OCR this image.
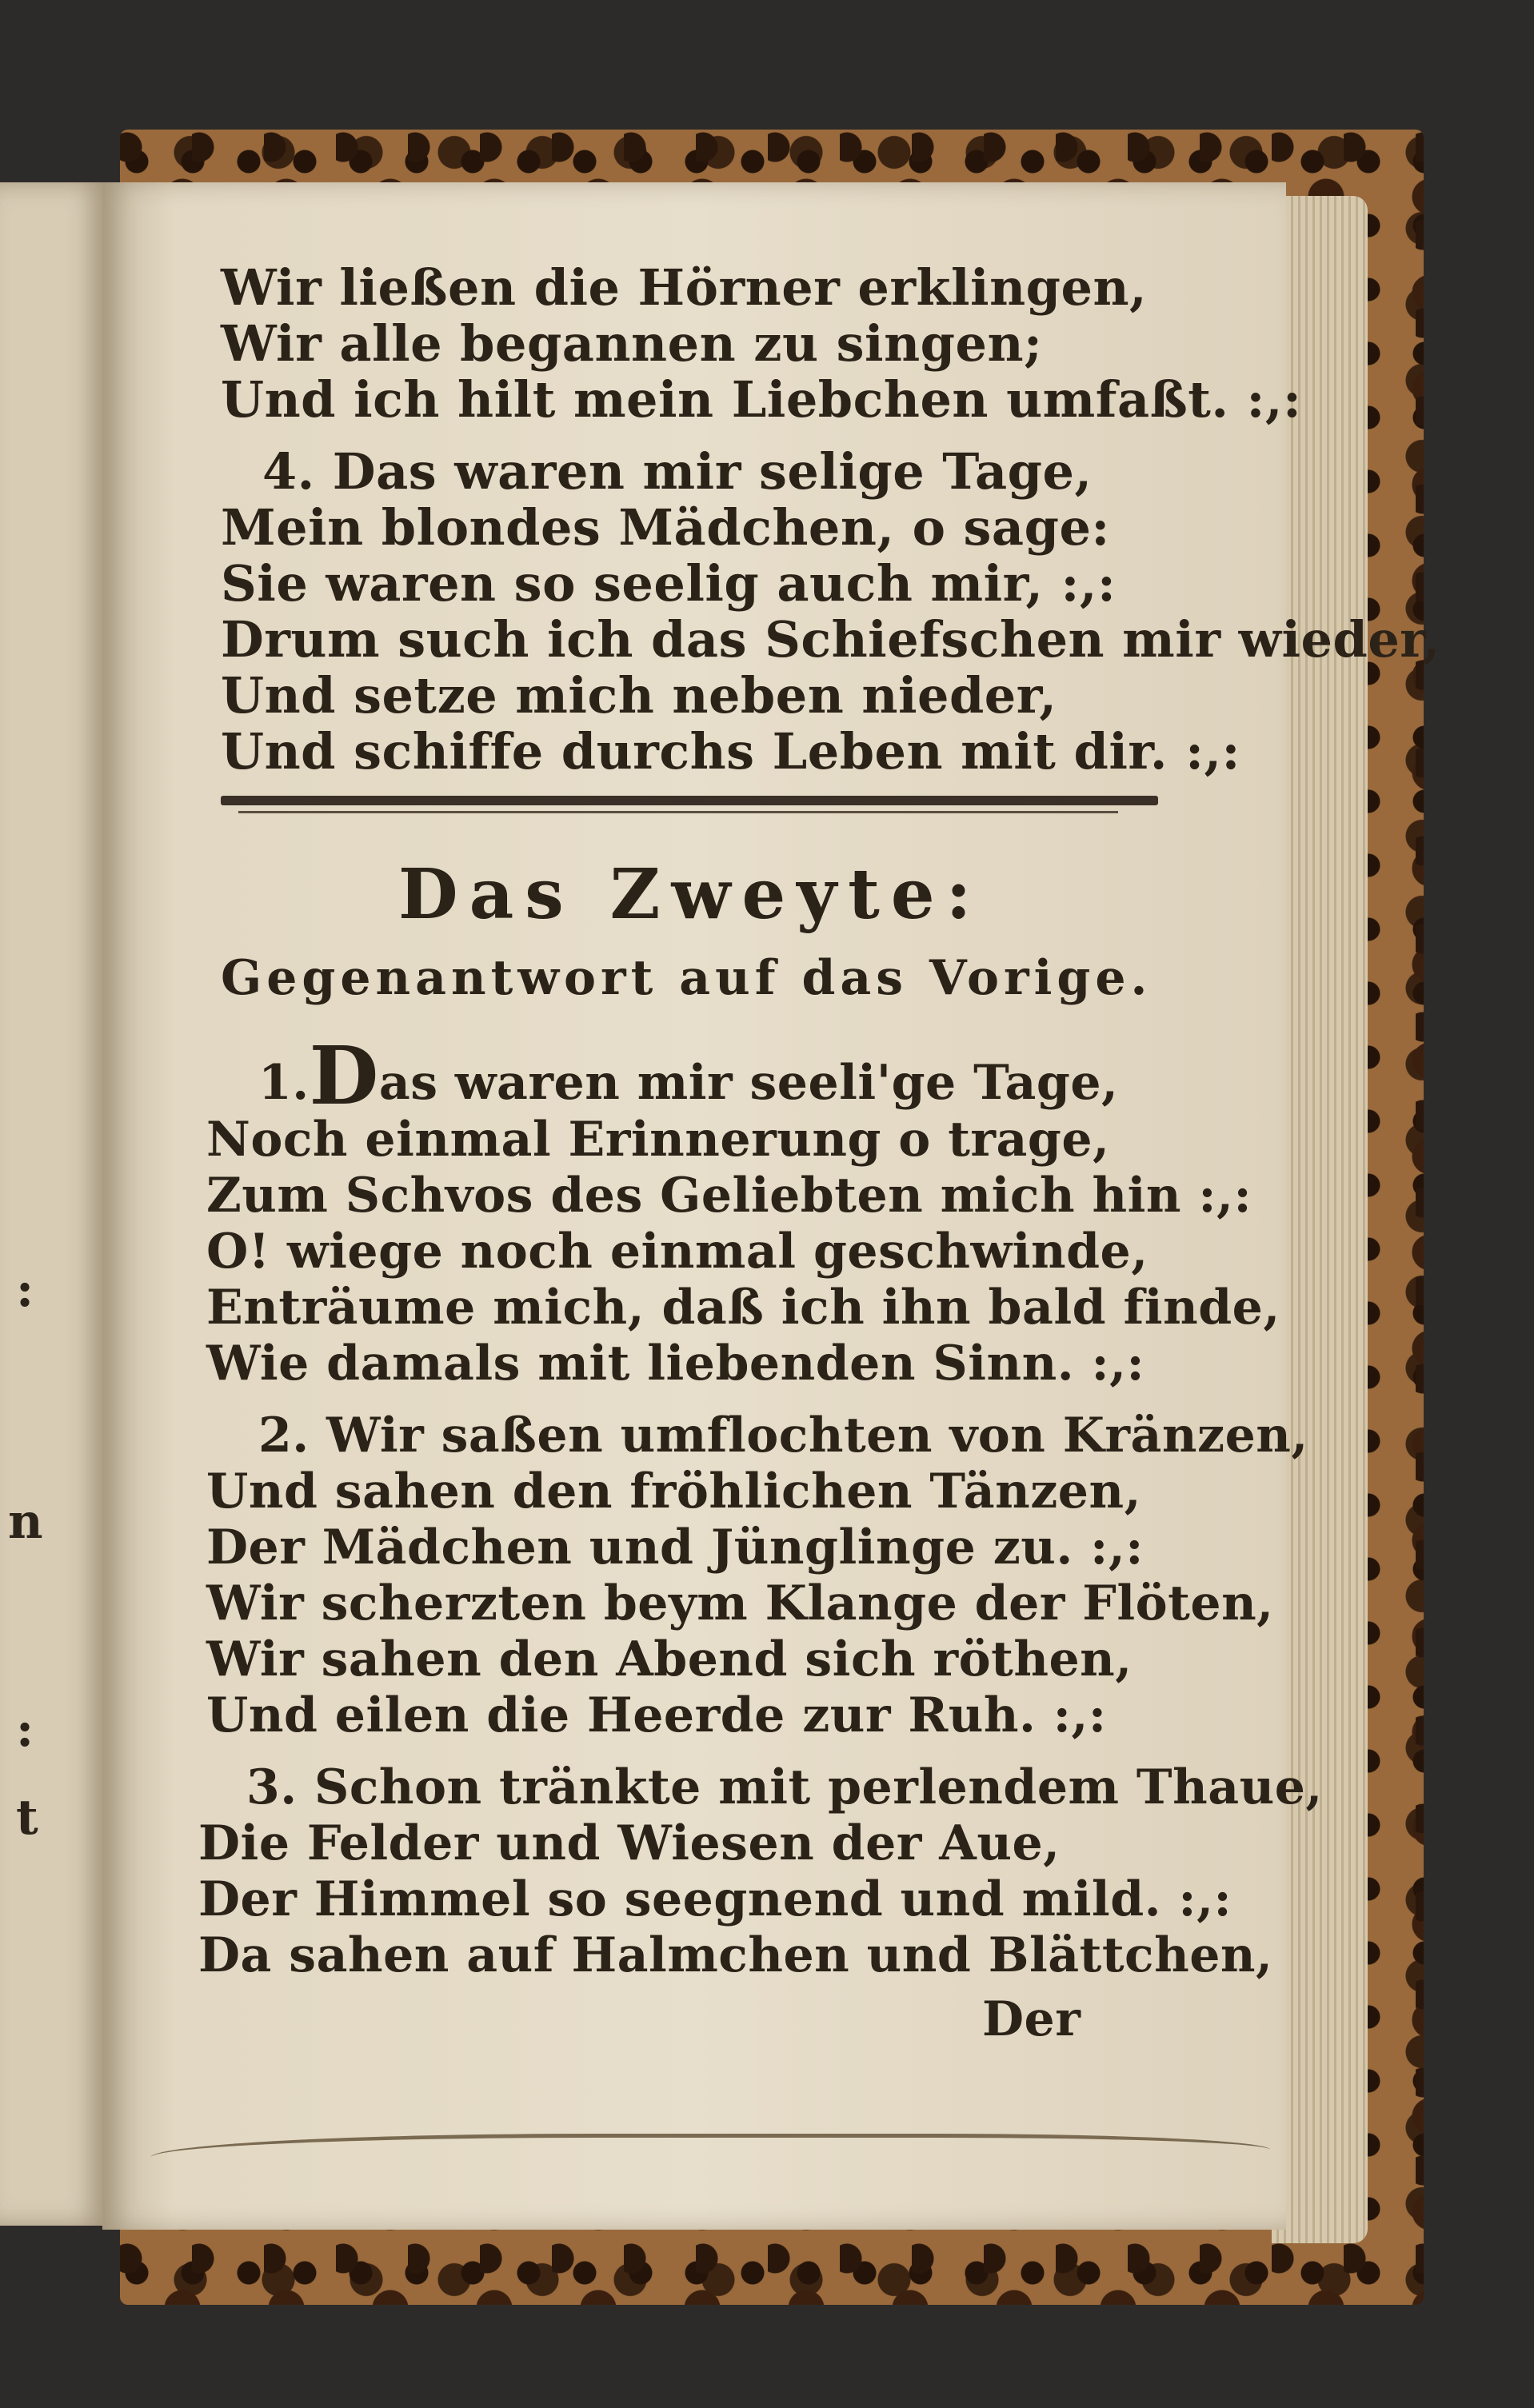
:
n
:
t
Wir ließen die Hörner erklingen,
Wir alle begannen zu singen;
Und ich hilt mein Liebchen umfaßt. :,:
4. Das waren mir selige Tage,
Mein blondes Mädchen, o sage:
Sie waren so seelig auch mir, :,:
Drum such ich das Schiefschen mir wieder,
Und setze mich neben nieder,
Und schiffe durchs Leben mit dir. :,:
Das Zweyte:
Gegenantwort auf das Vorige.
1.Das waren mir seeli'ge Tage,
Noch einmal Erinnerung o trage,
Zum Schvos des Geliebten mich hin :,:
O! wiege noch einmal geschwinde,
Enträume mich, daß ich ihn bald finde,
Wie damals mit liebenden Sinn. :,:
2. Wir saßen umflochten von Kränzen,
Und sahen den fröhlichen Tänzen,
Der Mädchen und Jünglinge zu. :,:
Wir scherzten beym Klange der Flöten,
Wir sahen den Abend sich röthen,
Und eilen die Heerde zur Ruh. :,:
3. Schon tränkte mit perlendem Thaue,
Die Felder und Wiesen der Aue,
Der Himmel so seegnend und mild. :,:
Da sahen auf Halmchen und Blättchen,
Der
